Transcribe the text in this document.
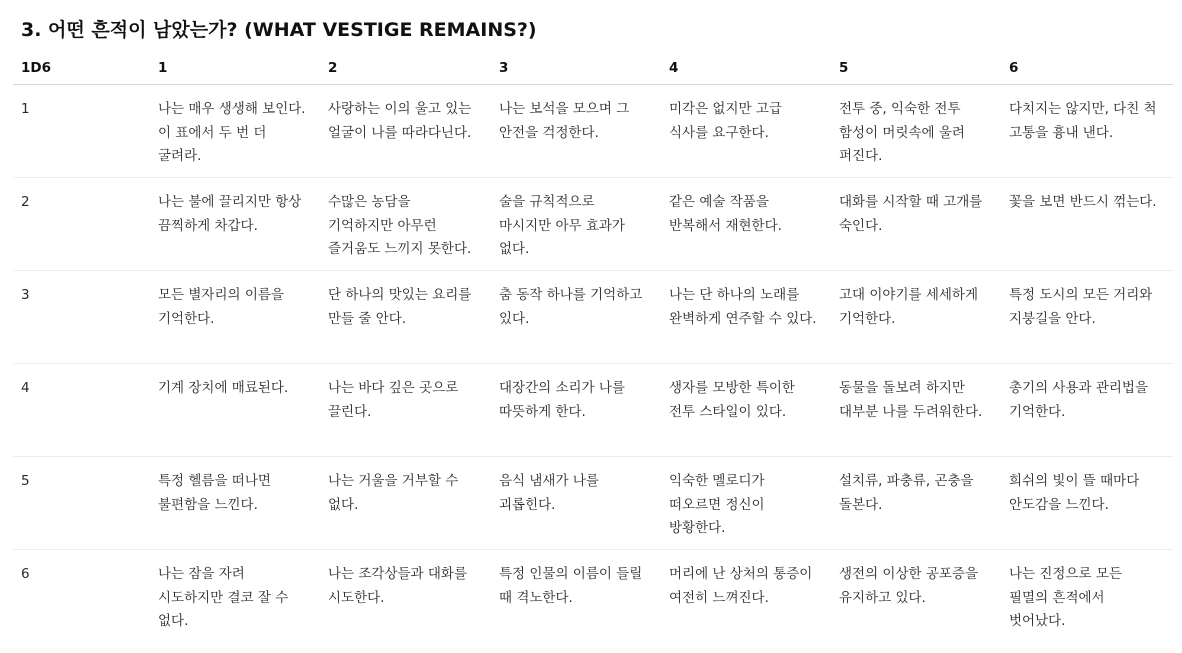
3. 어떤 흔적이 남았는가? (WHAT VESTIGE REMAINS?)
1D6	1	2	3	4	5	6
1	나는 매우 생생해 보인다. 이 표에서 두 번 더 굴려라.	사랑하는 이의 울고 있는 얼굴이 나를 따라다닌다.	나는 보석을 모으며 그 안전을 걱정한다.	미각은 없지만 고급 식사를 요구한다.	전투 중, 익숙한 전투 함성이 머릿속에 울려 퍼진다.	다치지는 않지만, 다친 척 고통을 흉내 낸다.
2	나는 불에 끌리지만 항상 끔찍하게 차갑다.	수많은 농담을 기억하지만 아무런 즐거움도 느끼지 못한다.	술을 규칙적으로 마시지만 아무 효과가 없다.	같은 예술 작품을 반복해서 재현한다.	대화를 시작할 때 고개를 숙인다.	꽃을 보면 반드시 꺾는다.
3	모든 별자리의 이름을 기억한다.	단 하나의 맛있는 요리를 만들 줄 안다.	춤 동작 하나를 기억하고 있다.	나는 단 하나의 노래를 완벽하게 연주할 수 있다.	고대 이야기를 세세하게 기억한다.	특정 도시의 모든 거리와 지붕길을 안다.
4	기계 장치에 매료된다.	나는 바다 깊은 곳으로 끌린다.	대장간의 소리가 나를 따뜻하게 한다.	생자를 모방한 특이한 전투 스타일이 있다.	동물을 돌보려 하지만 대부분 나를 두려워한다.	총기의 사용과 관리법을 기억한다.
5	특정 헬름을 떠나면 불편함을 느낀다.	나는 거울을 거부할 수 없다.	음식 냄새가 나를 괴롭힌다.	익숙한 멜로디가 떠오르면 정신이 방황한다.	설치류, 파충류, 곤충을 돌본다.	희쉬의 빛이 뜰 때마다 안도감을 느낀다.
6	나는 잠을 자려 시도하지만 결코 잘 수 없다.	나는 조각상들과 대화를 시도한다.	특정 인물의 이름이 들릴 때 격노한다.	머리에 난 상처의 통증이 여전히 느껴진다.	생전의 이상한 공포증을 유지하고 있다.	나는 진정으로 모든 필멸의 흔적에서 벗어났다.
